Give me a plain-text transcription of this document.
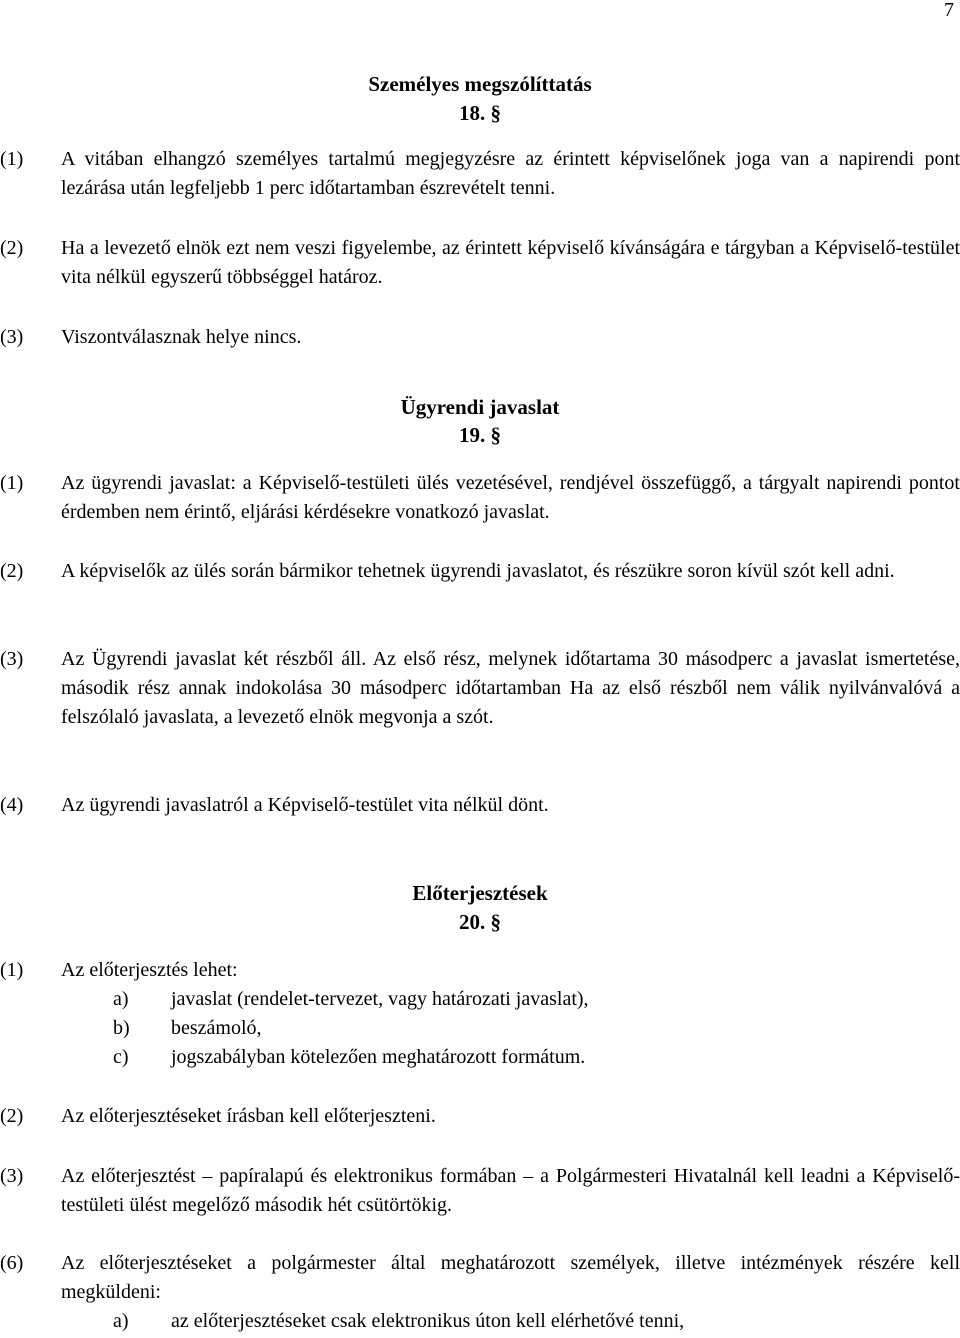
7
Személyes megszólíttatás
18. §
(1) A vitában elhangzó személyes tartalmú megjegyzésre az érintett képviselőnek joga van a napirendi pont lezárása után legfeljebb 1 perc időtartamban észrevételt tenni.
(2) Ha a levezető elnök ezt nem veszi figyelembe, az érintett képviselő kívánságára e tárgyban a Képviselő-testület vita nélkül egyszerű többséggel határoz.
(3) Viszontválasznak helye nincs.
Ügyrendi javaslat
19. §
(1) Az ügyrendi javaslat: a Képviselő-testületi ülés vezetésével, rendjével összefüggő, a tárgyalt napirendi pontot érdemben nem érintő, eljárási kérdésekre vonatkozó javaslat.
(2) A képviselők az ülés során bármikor tehetnek ügyrendi javaslatot, és részükre soron kívül szót kell adni.
(3) Az Ügyrendi javaslat két részből áll. Az első rész, melynek időtartama 30 másodperc a javaslat ismertetése, második rész annak indokolása 30 másodperc időtartamban Ha az első részből nem válik nyilvánvalóvá a felszólaló javaslata, a levezető elnök megvonja a szót.
(4) Az ügyrendi javaslatról a Képviselő-testület vita nélkül dönt.
Előterjesztések
20. §
(1) Az előterjesztés lehet:
a) javaslat (rendelet-tervezet, vagy határozati javaslat),
b) beszámoló,
c) jogszabályban kötelezően meghatározott formátum.
(2) Az előterjesztéseket írásban kell előterjeszteni.
(3) Az előterjesztést – papíralapú és elektronikus formában – a Polgármesteri Hivatalnál kell leadni a Képviselő-testületi ülést megelőző második hét csütörtökig.
(6) Az előterjesztéseket a polgármester által meghatározott személyek, illetve intézmények részére kell megküldeni:
a) az előterjesztéseket csak elektronikus úton kell elérhetővé tenni,
